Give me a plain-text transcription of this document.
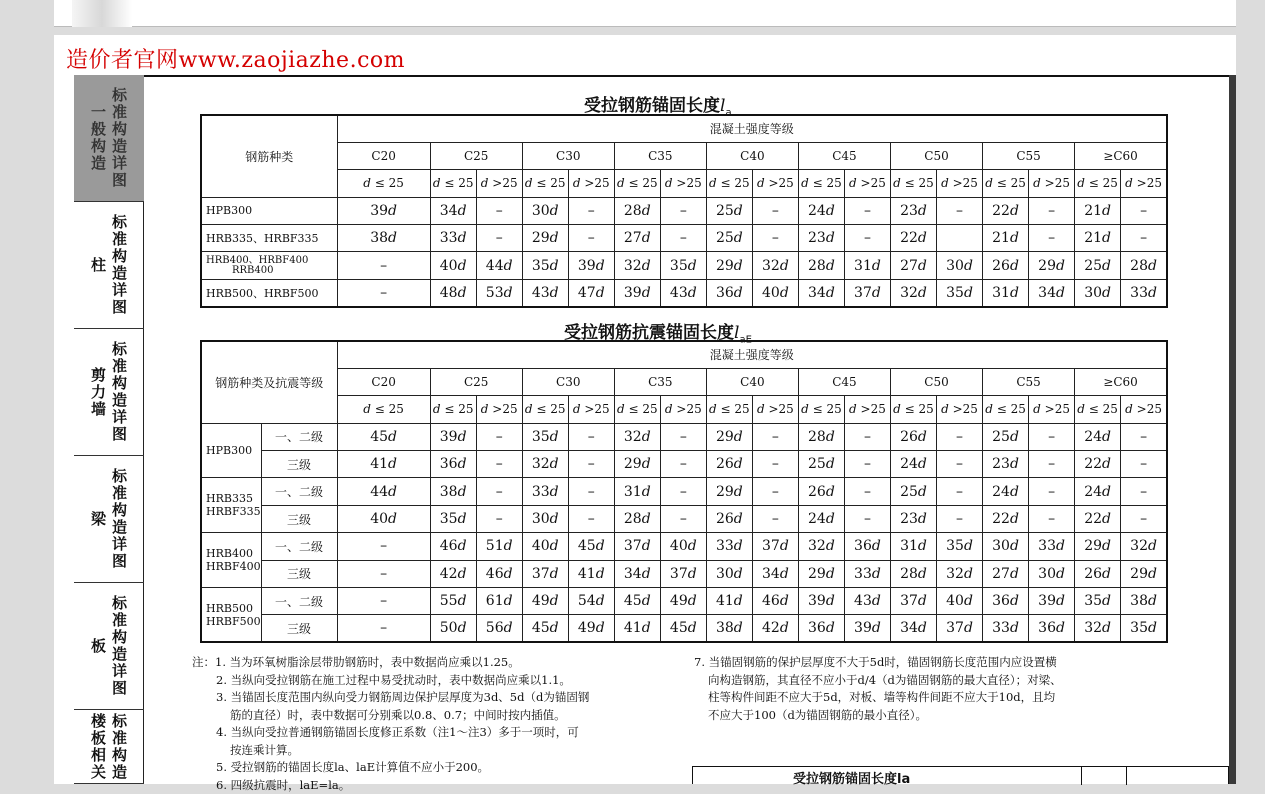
造价者官网www.zaojiazhe.com
一
般
构
造
标
准
构
造
详
图
柱
标
准
构
造
详
图
剪
力
墙
标
准
构
造
详
图
梁
标
准
构
造
详
图
板
标
准
构
造
详
图
楼
板
相
关
标
准
构
造
受拉钢筋锚固长度$l_a$
钢筋种类	混凝土强度等级																
	C20	C25		C30		C35		C40		C45		C50		C55		≥C60	
	d ≤ 25	d ≤ 25	d >25	d ≤ 25	d >25	d ≤ 25	d >25	d ≤ 25	d >25	d ≤ 25	d >25	d ≤ 25	d >25	d ≤ 25	d >25	d ≤ 25	d >25
HPB300	39d	34d	–	30d	–	28d	–	25d	–	24d	–	23d	–	22d	–	21d	–
HRB335、HRBF335	38d	33d	–	29d	–	27d	–	25d	–	23d	–	22d		21d	–	21d	–

HRB400、HRBF400
RRB400	–	40d	44d	35d	39d	32d	35d	29d	32d	28d	31d	27d	30d	26d	29d	25d	28d
HRB500、HRBF500	–	48d	53d	43d	47d	39d	43d	36d	40d	34d	37d	32d	35d	31d	34d	30d	33d
受拉钢筋抗震锚固长度$l_{aE}$
钢筋种类及抗震等级		混凝土强度等级																
		C20	C25		C30		C35		C40		C45		C50		C55		≥C60	
		d ≤ 25	d ≤ 25	d >25	d ≤ 25	d >25	d ≤ 25	d >25	d ≤ 25	d >25	d ≤ 25	d >25	d ≤ 25	d >25	d ≤ 25	d >25	d ≤ 25	d >25

HPB300	一、二级	45d	39d	–	35d	–	32d	–	29d	–	28d	–	26d	–	25d	–	24d	–
	三级	41d	36d	–	32d	–	29d	–	26d	–	25d	–	24d	–	23d	–	22d	–

HRB335
HRBF335	一、二级	44d	38d	–	33d	–	31d	–	29d	–	26d	–	25d	–	24d	–	24d	–
	三级	40d	35d	–	30d	–	28d	–	26d	–	24d	–	23d	–	22d	–	22d	–

HRB400
HRBF400	一、二级	–	46d	51d	40d	45d	37d	40d	33d	37d	32d	36d	31d	35d	30d	33d	29d	32d
	三级	–	42d	46d	37d	41d	34d	37d	30d	34d	29d	33d	28d	32d	27d	30d	26d	29d

HRB500
HRBF500	一、二级	–	55d	61d	49d	54d	45d	49d	41d	46d	39d	43d	37d	40d	36d	39d	35d	38d
	三级	–	50d	56d	45d	49d	41d	45d	38d	42d	36d	39d	34d	37d	33d	36d	32d	35d
注：1. 当为环氧树脂涂层带肋钢筋时，表中数据尚应乘以1.25。
2. 当纵向受拉钢筋在施工过程中易受扰动时，表中数据尚应乘以1.1。
3. 当锚固长度范围内纵向受力钢筋周边保护层厚度为3d、5d（d为锚固钢
筋的直径）时，表中数据可分别乘以0.8、0.7；中间时按内插值。
4. 当纵向受拉普通钢筋锚固长度修正系数（注1～注3）多于一项时，可
按连乘计算。
5. 受拉钢筋的锚固长度la、laE计算值不应小于200。
6. 四级抗震时，laE=la。
7. 当锚固钢筋的保护层厚度不大于5d时，锚固钢筋长度范围内应设置横
向构造钢筋，其直径不应小于d/4（d为锚固钢筋的最大直径）；对梁、
柱等构件间距不应大于5d，对板、墙等构件间距不应大于10d，且均
不应大于100（d为锚固钢筋的最小直径）。
受拉钢筋锚固长度la
